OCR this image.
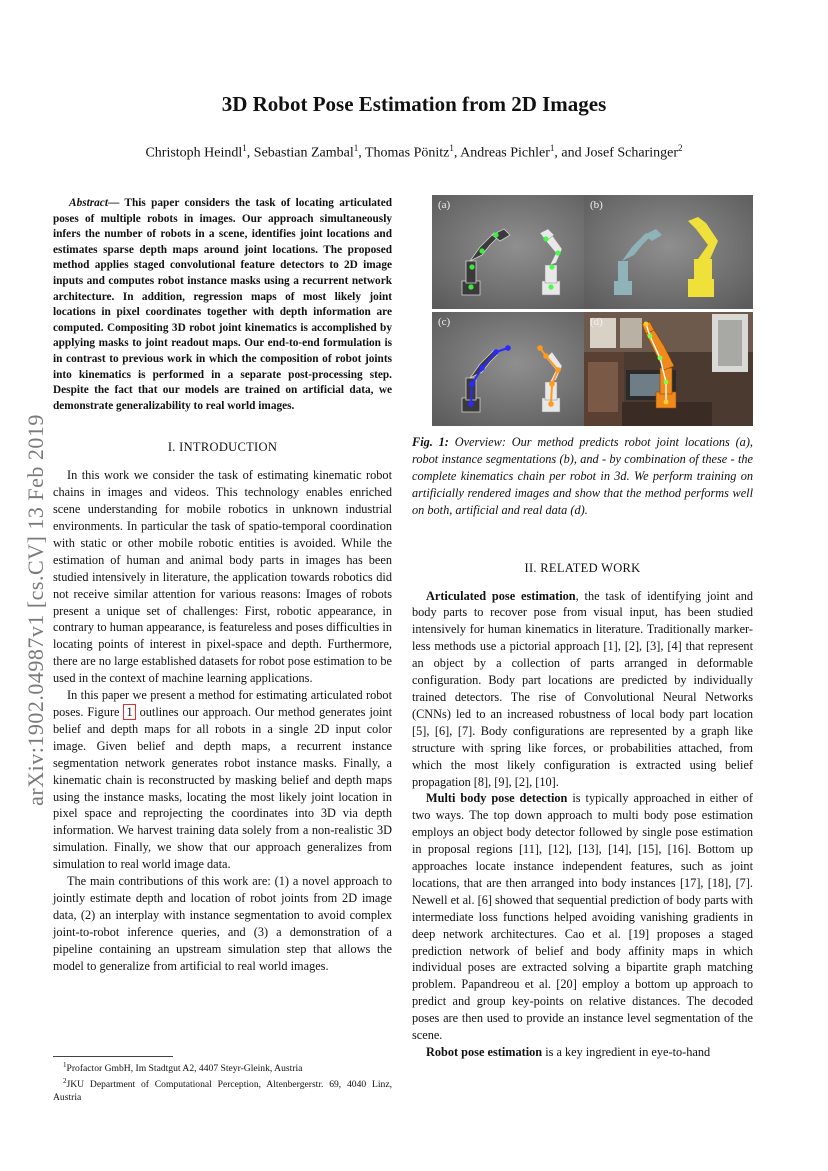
arXiv:1902.04987v1 [cs.CV] 13 Feb 2019
3D Robot Pose Estimation from 2D Images
Christoph Heindl$^1$, Sebastian Zambal$^1$, Thomas Pönitz$^1$, Andreas Pichler$^1$, and Josef Scharinger$^2$

Abstract— This paper considers the task of locating articulated poses of multiple robots in images. Our approach simultaneously infers the number of robots in a scene, identifies joint locations and estimates sparse depth maps around joint locations. The proposed method applies staged convolutional feature detectors to 2D image inputs and computes robot instance masks using a recurrent network architecture. In addition, regression maps of most likely joint locations in pixel coordinates together with depth information are computed. Compositing 3D robot joint kinematics is accomplished by applying masks to joint readout maps. Our end-to-end formulation is in contrast to previous work in which the composition of robot joints into kinematics is performed in a separate post-processing step. Despite the fact that our models are trained on artificial data, we demonstrate generalizability to real world images.

I. INTRODUCTION

In this work we consider the task of estimating kinematic robot chains in images and videos. This technology enables enriched scene understanding for mobile robotics in unknown industrial environments. In particular the task of spatio-temporal coordination with static or other mobile robotic entities is avoided. While the estimation of human and animal body parts in images has been studied intensively in literature, the application towards robotics did not receive similar attention for various reasons: Images of robots present a unique set of challenges: First, robotic appearance, in contrary to human appearance, is featureless and poses difficulties in locating points of interest in pixel-space and depth. Furthermore, there are no large established datasets for robot pose estimation to be used in the context of machine learning applications.

In this paper we present a method for estimating articulated robot poses. Figure 1 outlines our approach. Our method generates joint belief and depth maps for all robots in a single 2D input color image. Given belief and depth maps, a recurrent instance segmentation network generates robot instance masks. Finally, a kinematic chain is reconstructed by masking belief and depth maps using the instance masks, locating the most likely joint location in pixel space and reprojecting the coordinates into 3D via depth information. We harvest training data solely from a non-realistic 3D simulation. Finally, we show that our approach generalizes from simulation to real world image data.

The main contributions of this work are: (1) a novel approach to jointly estimate depth and location of robot joints from 2D image data, (2) an interplay with instance segmentation to avoid complex joint-to-robot inference queries, and (3) a demonstration of a pipeline containing an upstream simulation step that allows the model to generalize from artificial to real world images.

$^1$Profactor GmbH, Im Stadtgut A2, 4407 Steyr-Gleink, Austria

$^2$JKU Department of Computational Perception, Altenbergerstr. 69, 4040 Linz, Austria

(a)	(b)
(c)	(d)

Fig. 1: Overview: Our method predicts robot joint locations (a), robot instance segmentations (b), and - by combination of these - the complete kinematics chain per robot in 3d. We perform training on artificially rendered images and show that the method performs well on both, artificial and real data (d).

II. RELATED WORK

Articulated pose estimation, the task of identifying joint and body parts to recover pose from visual input, has been studied intensively for human kinematics in literature. Traditionally marker-less methods use a pictorial approach [1], [2], [3], [4] that represent an object by a collection of parts arranged in deformable configuration. Body part locations are predicted by individually trained detectors. The rise of Convolutional Neural Networks (CNNs) led to an increased robustness of local body part location [5], [6], [7]. Body configurations are represented by a graph like structure with spring like forces, or probabilities attached, from which the most likely configuration is extracted using belief propagation [8], [9], [2], [10].

Multi body pose detection is typically approached in either of two ways. The top down approach to multi body pose estimation employs an object body detector followed by single pose estimation in proposal regions [11], [12], [13], [14], [15], [16]. Bottom up approaches locate instance independent features, such as joint locations, that are then arranged into body instances [17], [18], [7]. Newell et al. [6] showed that sequential prediction of body parts with intermediate loss functions helped avoiding vanishing gradients in deep network architectures. Cao et al. [19] proposes a staged prediction network of belief and body affinity maps in which individual poses are extracted solving a bipartite graph matching problem. Papandreou et al. [20] employ a bottom up approach to predict and group key-points on relative distances. The decoded poses are then used to provide an instance level segmentation of the scene.

Robot pose estimation is a key ingredient in eye-to-hand
